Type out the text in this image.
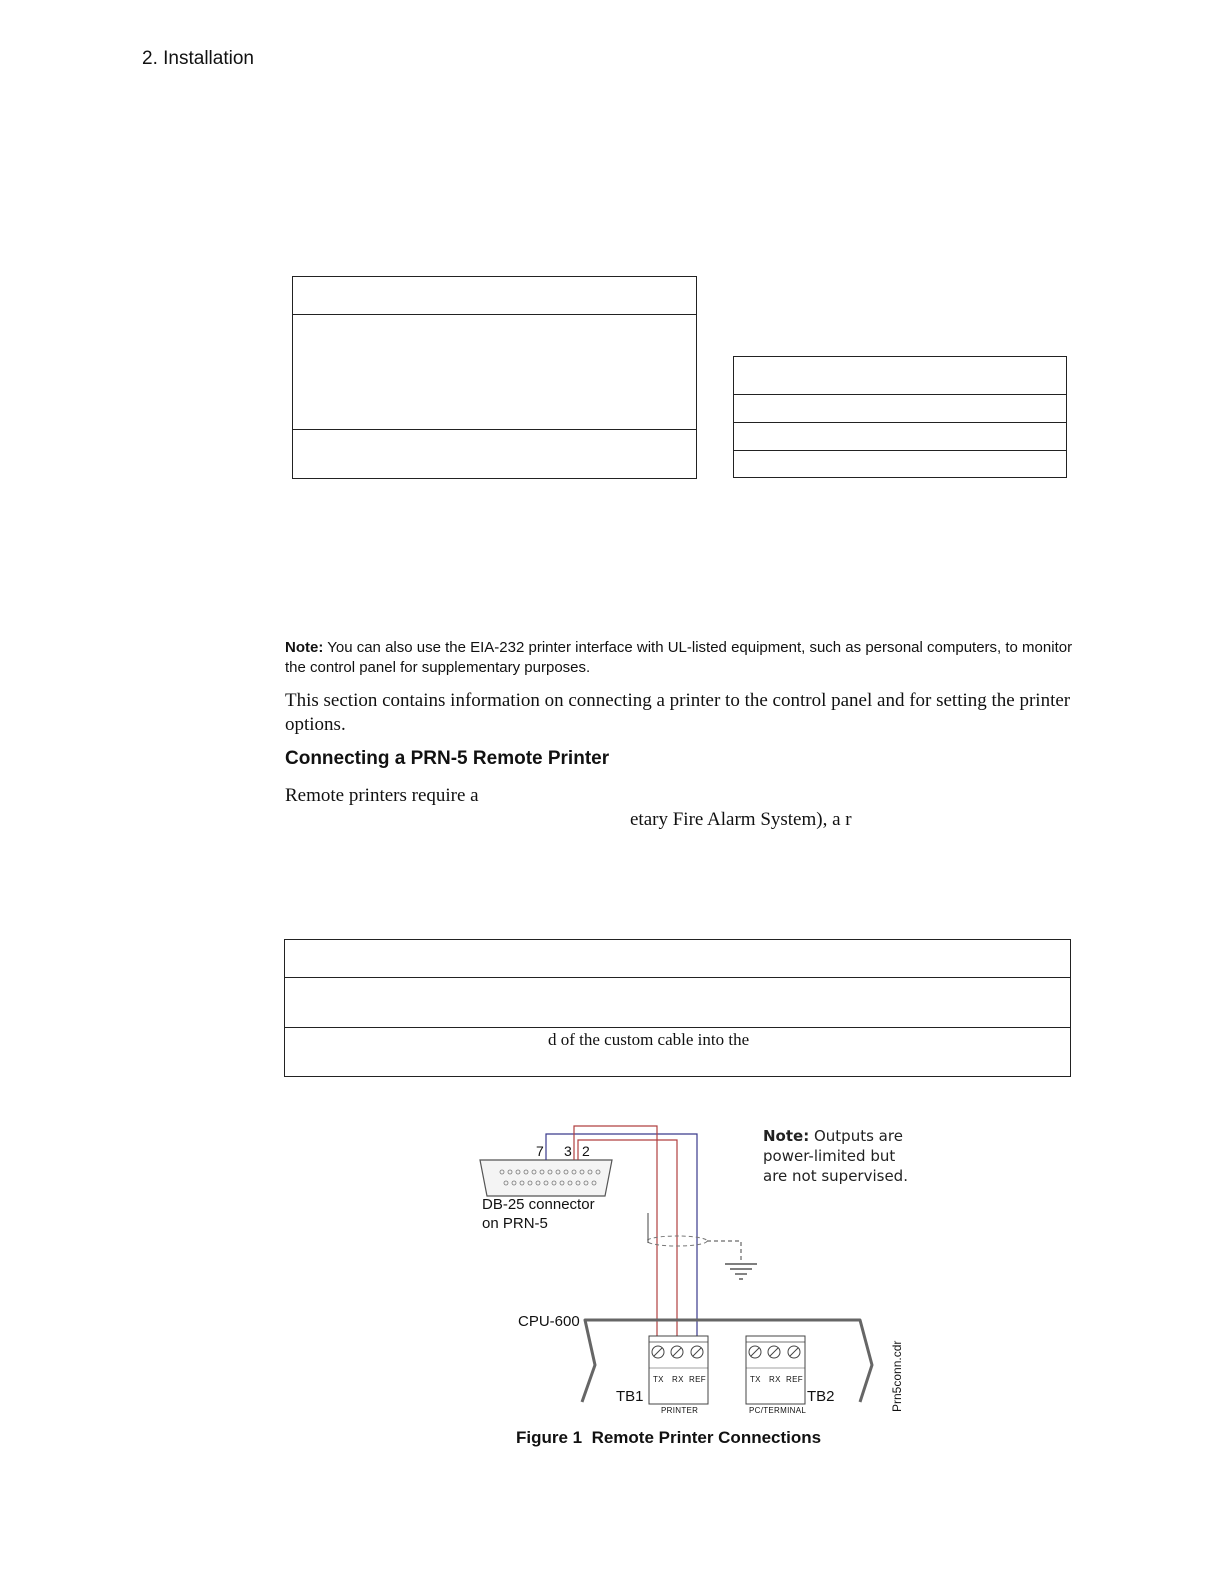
2. Installation
Note: You can also use the EIA-232 printer interface with UL-listed equipment, such as personal computers, to monitor the control panel for supplementary purposes.
This section contains information on connecting a printer to the control panel and for setting the printer options.
Connecting a PRN-5 Remote Printer
Remote printers require a
etary Fire Alarm System), a r
d of the custom cable into the
7 3 2
DB-25 connector
on PRN-5
CPU-600
TB1	TB2
TX RX REF
PRINTER
TX RX REF
PC/TERMINAL	Prn5conn.cdr
Note: Outputs are
power-limited but
are not supervised.
Figure 1  Remote Printer Connections
